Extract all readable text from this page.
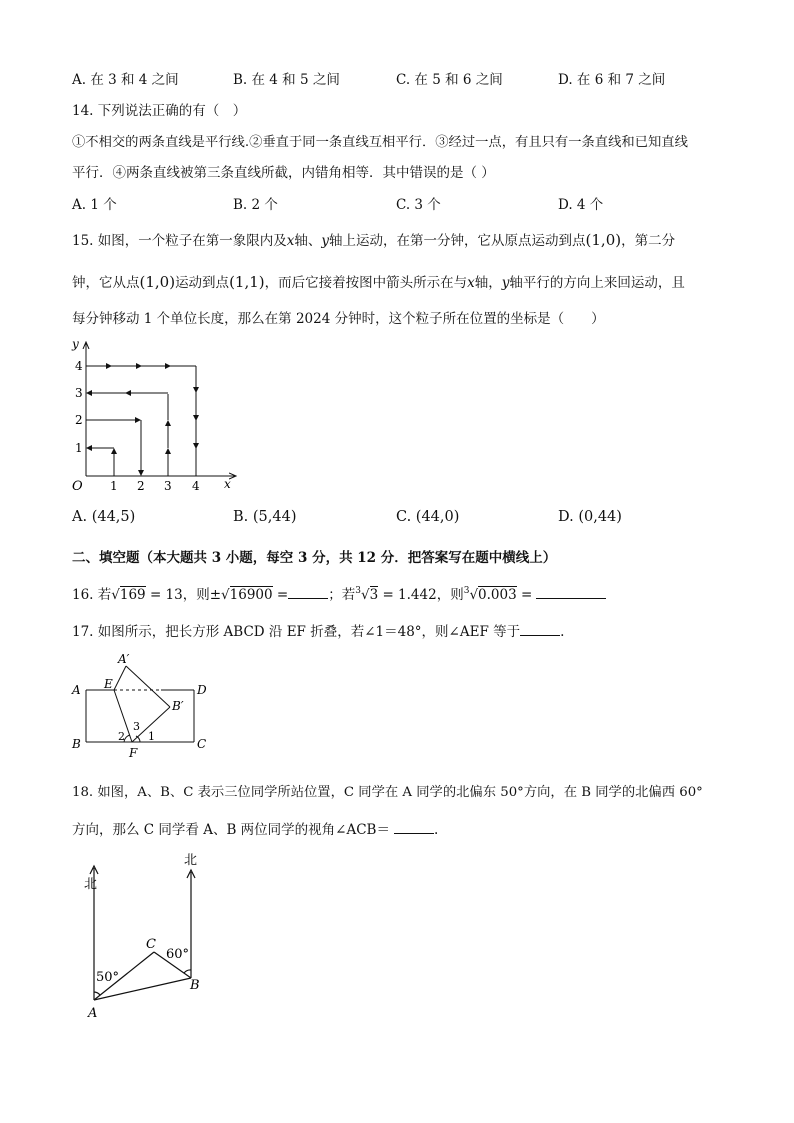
A. 在 3 和 4 之间	B. 在 4 和 5 之间	C. 在 5 和 6 之间	D. 在 6 和 7 之间
14. 下列说法正确的有（　）
①不相交的两条直线是平行线.②垂直于同一条直线互相平行．③经过一点，有且只有一条直线和已知直线
平行．④两条直线被第三条直线所截，内错角相等．其中错误的是（ ）
A. 1 个	B. 2 个	C. 3 个	D. 4 个
15. 如图，一个粒子在第一象限内及x轴、y轴上运动，在第一分钟，它从原点运动到点(1,0)，第二分
钟，它从点(1,0)运动到点(1,1)，而后它接着按图中箭头所示在与x轴，y轴平行的方向上来回运动，且
每分钟移动 1 个单位长度，那么在第 2024 分钟时，这个粒子所在位置的坐标是（　　）
y
x
O 1 2 3 4
1
2
3
4
A. (44,5)	B. (5,44)	C. (44,0)	D. (0,44)
二、填空题（本大题共 3 小题，每空 3 分，共 12 分．把答案写在题中横线上）
16. 若√169 = 13，则±√16900 =	；若$^3$√3 = 1.442，则$^3$√0.003 =
17. 如图所示，把长方形 ABCD 沿 EF 折叠，若∠1＝48°，则∠AEF 等于	.
A′
A E	D
B′
B
F
C
1
2
3
18. 如图，A、B、C 表示三位同学所站位置，C 同学在 A 同学的北偏东 50°方向，在 B 同学的北偏西 60°
方向，那么 C 同学看 A、B 两位同学的视角∠ACB＝	.
北
北
C
A
B
50°
60°
